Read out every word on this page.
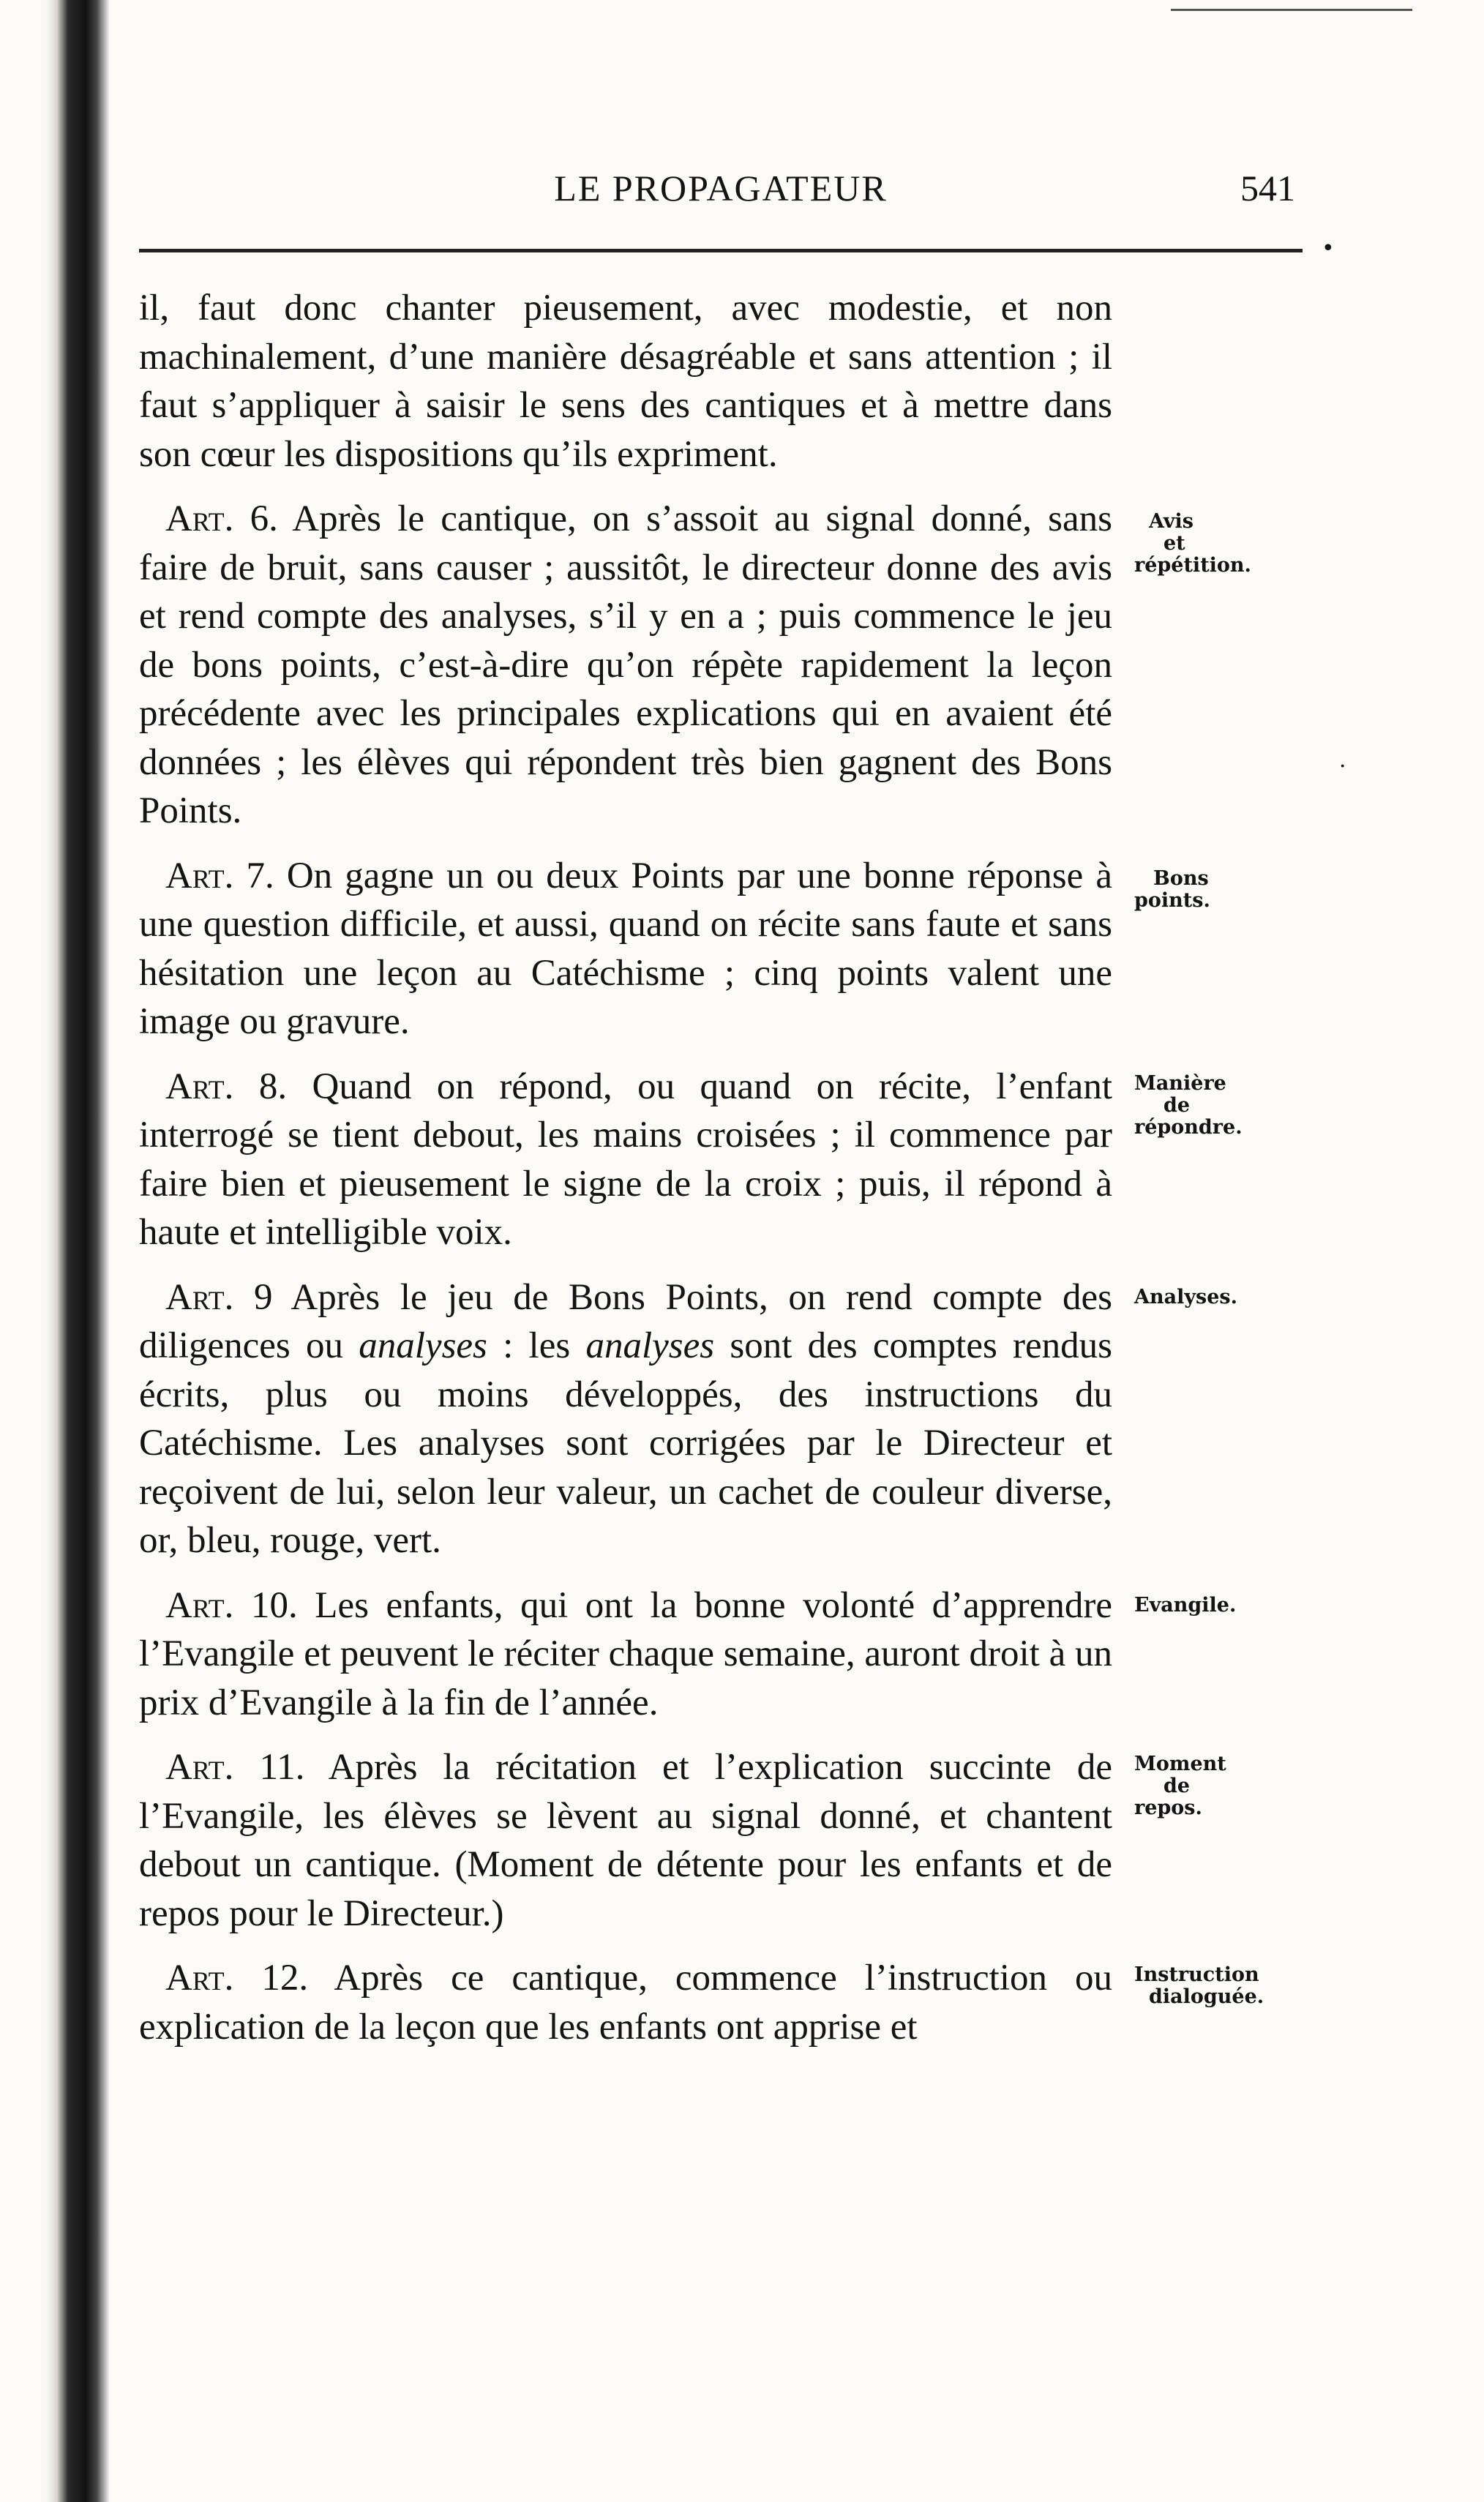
LE PROPAGATEUR	541
•
·

il, faut donc chanter pieusement, avec modestie, et non machinalement, d’une manière désagréable et sans attention ; il faut s’appliquer à saisir le sens des cantiques et à mettre dans son cœur les dispositions qu’ils expriment.

Art. 6. Après le cantique, on s’assoit au signal donné, sans faire de bruit, sans causer ; aussitôt, le directeur donne des avis et rend compte des analyses, s’il y en a ; puis commence le jeu de bons points, c’est-à-dire qu’on répète rapidement la leçon précédente avec les principales explications qui en avaient été données ; les élèves qui répondent très bien gagnent des Bons Points.

Avis
et
répétition.

Art. 7. On gagne un ou deux Points par une bonne réponse à une question difficile, et aussi, quand on récite sans faute et sans hésitation une leçon au Catéchisme ; cinq points valent une image ou gravure.

Bons
points.

Art. 8. Quand on répond, ou quand on récite, l’enfant interrogé se tient debout, les mains croisées ; il commence par faire bien et pieusement le signe de la croix ; puis, il répond à haute et intelligible voix.

Manière
de
répondre.

Art. 9 Après le jeu de Bons Points, on rend compte des diligences ou analyses : les analyses sont des comptes rendus écrits, plus ou moins développés, des instructions du Catéchisme. Les analyses sont corrigées par le Directeur et reçoivent de lui, selon leur valeur, un cachet de couleur diverse, or, bleu, rouge, vert.

Analyses.

Art. 10. Les enfants, qui ont la bonne volonté d’apprendre l’Evangile et peuvent le réciter chaque semaine, auront droit à un prix d’Evangile à la fin de l’année.

Evangile.

Art. 11. Après la récitation et l’explication succinte de l’Evangile, les élèves se lèvent au signal donné, et chantent debout un cantique. (Moment de détente pour les enfants et de repos pour le Directeur.)

Moment
de
repos.

Art. 12. Après ce cantique, commence l’instruction ou explication de la leçon que les enfants ont apprise et

Instruction
dialoguée.
